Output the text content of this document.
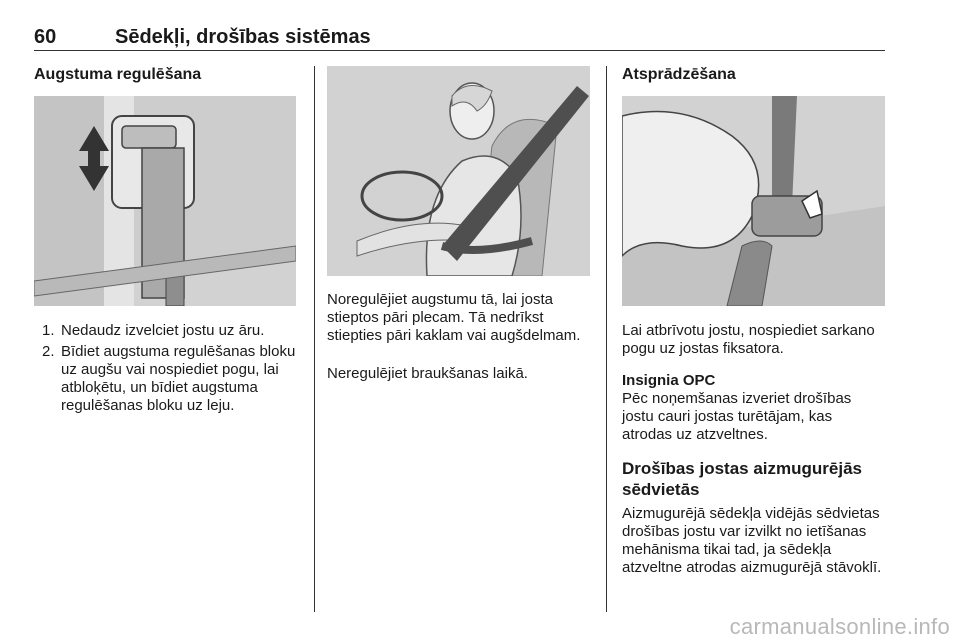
60	Sēdekļi, drošības sistēmas
Augstuma regulēšana
1. Nedaudz izvelciet jostu uz āru.
2. Bīdiet augstuma regulēšanas bloku uz augšu vai nospiediet pogu, lai atbloķētu, un bīdiet augstuma regulēšanas bloku uz leju.

Noregulējiet augstumu tā, lai josta stieptos pāri plecam. Tā nedrīkst stiepties pāri kaklam vai augšdelmam.

Neregulējiet braukšanas laikā.

Atsprādzēšana

Lai atbrīvotu jostu, nospiediet sarkano pogu uz jostas fiksatora.

Insignia OPC

Pēc noņemšanas izveriet drošības jostu cauri jostas turētājam, kas atrodas uz atzveltnes.

Drošības jostas aizmugurējās sēdvietās

Aizmugurējā sēdekļa vidējās sēdvietas drošības jostu var izvilkt no ietīšanas mehānisma tikai tad, ja sēdekļa atzveltne atrodas aizmugurējā stāvoklī.

carmanualsonline.info
